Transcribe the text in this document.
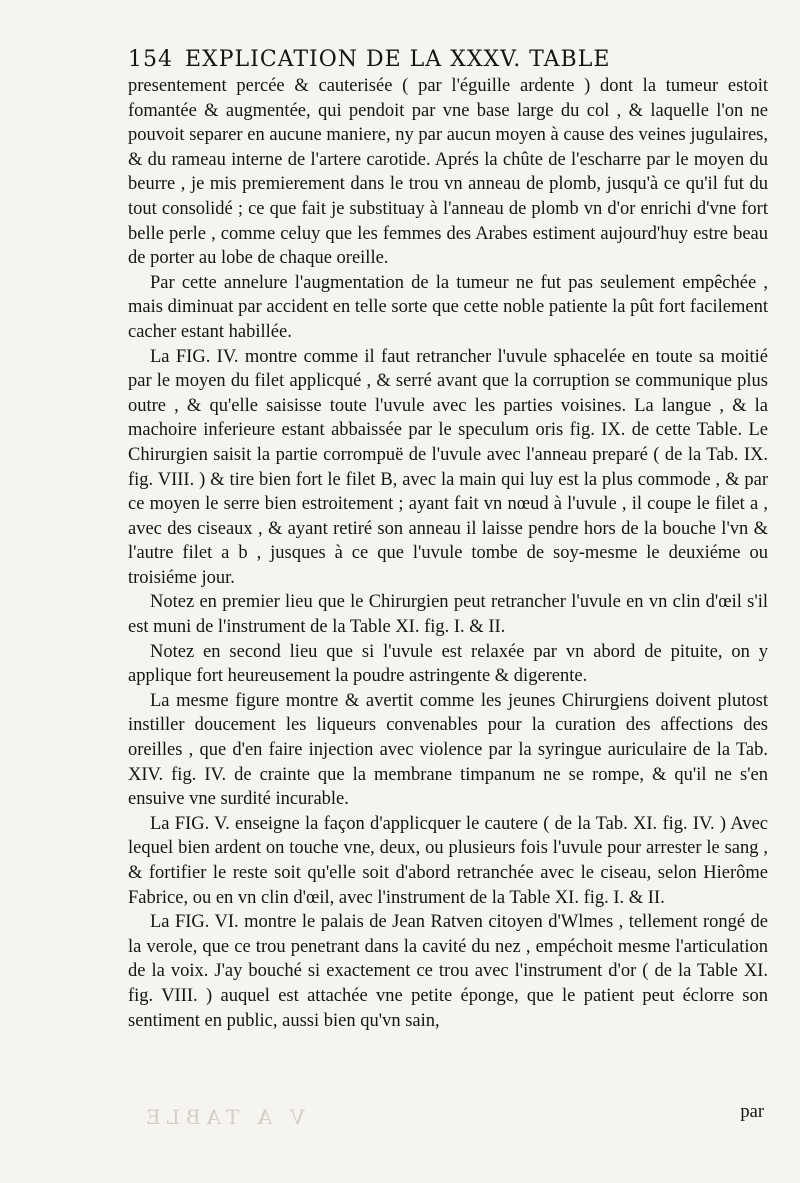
154 EXPLICATION DE LA XXXV. TABLE

presentement percée & cauterisée ( par l'éguille ardente ) dont la tumeur estoit fomantée & augmentée, qui pendoit par vne base large du col , & laquelle l'on ne pouvoit separer en aucune maniere, ny par aucun moyen à cause des veines jugulaires, & du rameau interne de l'artere carotide. Aprés la chûte de l'escharre par le moyen du beurre , je mis premierement dans le trou vn anneau de plomb, jusqu'à ce qu'il fut du tout consolidé ; ce que fait je substituay à l'anneau de plomb vn d'or enrichi d'vne fort belle perle , comme celuy que les femmes des Arabes estiment aujourd'huy estre beau de porter au lobe de chaque oreille.

Par cette annelure l'augmentation de la tumeur ne fut pas seulement empêchée , mais diminuat par accident en telle sorte que cette noble patiente la pût fort facilement cacher estant habillée.

La FIG. IV. montre comme il faut retrancher l'uvule sphacelée en toute sa moitié par le moyen du filet applicqué , & serré avant que la corruption se communique plus outre , & qu'elle saisisse toute l'uvule avec les parties voisines. La langue , & la machoire inferieure estant abbaissée par le speculum oris fig. IX. de cette Table. Le Chirurgien saisit la partie corrompuë de l'uvule avec l'anneau preparé ( de la Tab. IX. fig. VIII. ) & tire bien fort le filet B, avec la main qui luy est la plus commode , & par ce moyen le serre bien estroitement ; ayant fait vn nœud à l'uvule , il coupe le filet a , avec des ciseaux , & ayant retiré son anneau il laisse pendre hors de la bouche l'vn & l'autre filet a b , jusques à ce que l'uvule tombe de soy-mesme le deuxiéme ou troisiéme jour.

Notez en premier lieu que le Chirurgien peut retrancher l'uvule en vn clin d'œil s'il est muni de l'instrument de la Table XI. fig. I. & II.

Notez en second lieu que si l'uvule est relaxée par vn abord de pituite, on y applique fort heureusement la poudre astringente & digerente.

La mesme figure montre & avertit comme les jeunes Chirurgiens doivent plutost instiller doucement les liqueurs convenables pour la curation des affections des oreilles , que d'en faire injection avec violence par la syringue auriculaire de la Tab. XIV. fig. IV. de crainte que la membrane timpanum ne se rompe, & qu'il ne s'en ensuive vne surdité incurable.

La FIG. V. enseigne la façon d'applicquer le cautere ( de la Tab. XI. fig. IV. ) Avec lequel bien ardent on touche vne, deux, ou plusieurs fois l'uvule pour arrester le sang , & fortifier le reste soit qu'elle soit d'abord retranchée avec le ciseau, selon Hierôme Fabrice, ou en vn clin d'œil, avec l'instrument de la Table XI. fig. I. & II.

La FIG. VI. montre le palais de Jean Ratven citoyen d'Wlmes , tellement rongé de la verole, que ce trou penetrant dans la cavité du nez , empéchoit mesme l'articulation de la voix. J'ay bouché si exactement ce trou avec l'instrument d'or ( de la Table XI. fig. VIII. ) auquel est attachée vne petite éponge, que le patient peut éclorre son sentiment en public, aussi bien qu'vn sain,

V A TABLE	par
